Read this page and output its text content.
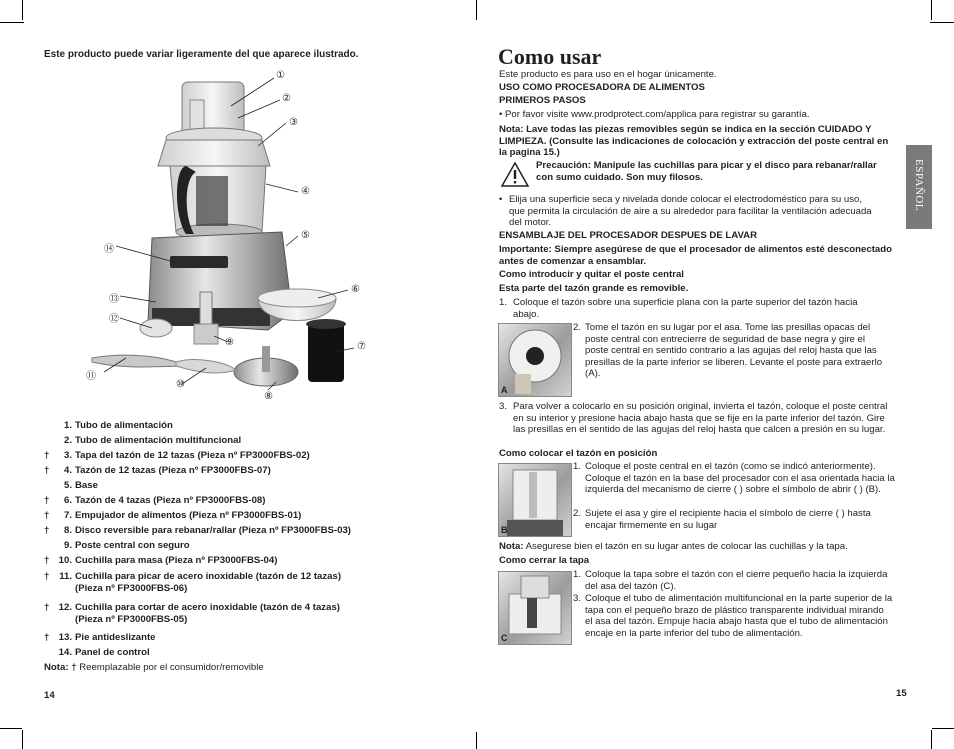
Este producto puede variar ligeramente del que aparece ilustrado.
①
②
③
④
⑤
⑥
⑦
⑧
⑨
⑩
⑪
⑫
⑬
⑭
1. Tubo de alimentación
2. Tubo de alimentación multifuncional
†	3. Tapa del tazón de 12 tazas (Pieza nº FP3000FBS-02)
†	4. Tazón de 12 tazas (Pieza nº FP3000FBS-07)
5. Base
†	6. Tazón de 4 tazas (Pieza nº FP3000FBS-08)
†	7. Empujador de alimentos (Pieza nº FP3000FBS-01)
†	8. Disco reversible para rebanar/rallar (Pieza nº FP3000FBS-03)
9. Poste central con seguro
† 10. Cuchilla para masa (Pieza nº FP3000FBS-04)
†	11. Cuchilla para picar de acero inoxidable (tazón de 12 tazas)
(Pieza nº FP3000FBS-06)
† 12. Cuchilla para cortar de acero inoxidable (tazón de 4 tazas)
(Pieza nº FP3000FBS-05)
† 13. Pie antideslizante
14. Panel de control
Nota: † Reemplazable por el consumidor/removible
14
Como usar
Este producto es para uso en el hogar únicamente.
USO COMO PROCESADORA DE ALIMENTOS
PRIMEROS PASOS
• Por favor visite www.prodprotect.com/applica para registrar su garantía.
Nota: Lave todas las piezas removibles según se indica en la sección CUIDADO Y LIMPIEZA. (Consulte las indicaciones de colocación y extracción del poste central en la pagina 15.)
Precaución: Manipule las cuchillas para picar y el disco para rebanar/rallar con sumo cuidado. Son muy filosos.
• Elija una superficie seca y nivelada donde colocar el electrodoméstico para su uso, que permita la circulación de aire a su alrededor para facilitar la ventilación adecuada del motor.
ENSAMBLAJE DEL PROCESADOR DESPUES DE LAVAR
Importante: Siempre asegúrese de que el procesador de alimentos esté desconectado antes de comenzar a ensamblar.
Como introducir y quitar el poste central
Esta parte del tazón grande es removible.
1. Coloque el tazón sobre una superficie plana con la parte superior del tazón hacia abajo.
A
2. Tome el tazón en su lugar por el asa. Tome las presillas opacas del poste central con entrecierre de seguridad de base negra y gire el poste central en sentido contrario a las agujas del reloj hasta que las presillas de la parte inferior se liberen. Levante el poste para extraerlo (A).
3. Para volver a colocarlo en su posición original, invierta el tazón, coloque el poste central en su interior y presione hacia abajo hasta que se fije en la parte inferior del tazón. Gire las presillas en el sentido de las agujas del reloj hasta que calcen a presión en su lugar.
Como colocar el tazón en posición
B
1. Coloque el poste central en el tazón (como se indicó anteriormente). Coloque el tazón en la base del procesador con el asa orientada hacia la izquierda del mecanismo de cierre ( ) sobre el símbolo de abrir ( ) (B).
2. Sujete el asa y gire el recipiente hacia el símbolo de cierre ( ) hasta encajar firmemente en su lugar
Nota: Asegurese bien el tazón en su lugar antes de colocar las cuchillas y la tapa.
Como cerrar la tapa
C
1. Coloque la tapa sobre el tazón con el cierre pequeño hacia la izquierda del asa del tazón (C).
3. Coloque el tubo de alimentación multifuncional en la parte superior de la tapa con el pequeño brazo de plástico transparente individual mirando el asa del tazón. Empuje hacia abajo hasta que el tubo de alimentación encaje en la parte inferior del tubo de alimentación.
ESPAÑOL
15
